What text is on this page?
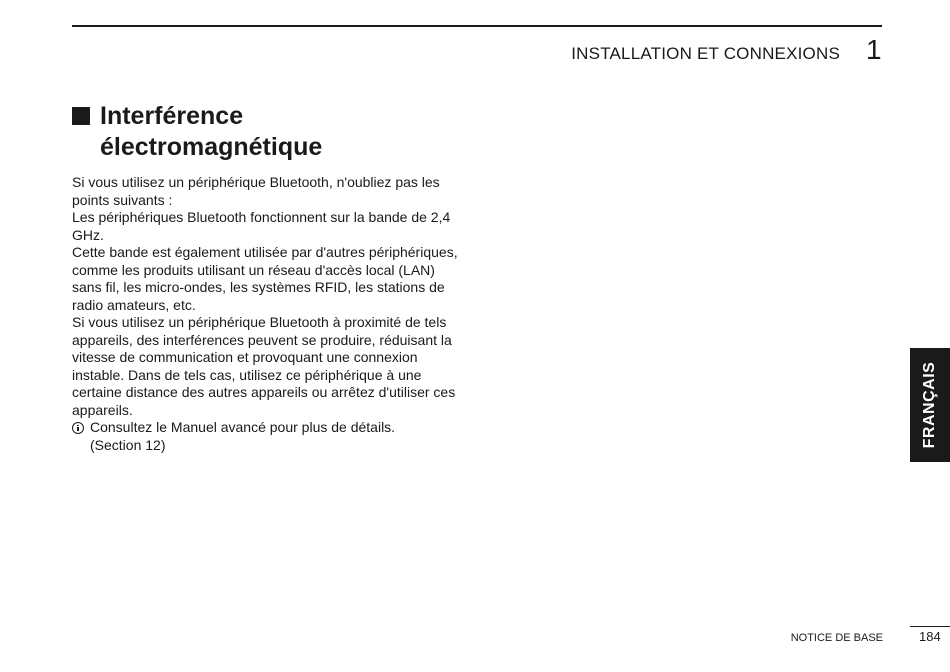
INSTALLATION ET CONNEXIONS 1
Interférence
électromagnétique

Si vous utilisez un périphérique Bluetooth, n'oubliez pas les points suivants :

Les périphériques Bluetooth fonctionnent sur la bande de 2,4 GHz.

Cette bande est également utilisée par d'autres périphériques, comme les produits utilisant un réseau d'accès local (LAN) sans fil, les micro-ondes, les systèmes RFID, les stations de radio amateurs, etc.

Si vous utilisez un périphérique Bluetooth à proximité de tels appareils, des interférences peuvent se produire, réduisant la vitesse de communication et provoquant une connexion instable. Dans de tels cas, utilisez ce périphérique à une certaine distance des autres appareils ou arrêtez d'utiliser ces appareils.

Consultez le Manuel avancé pour plus de détails.

(Section 12)	FRANÇAIS
NOTICE DE BASE	184
